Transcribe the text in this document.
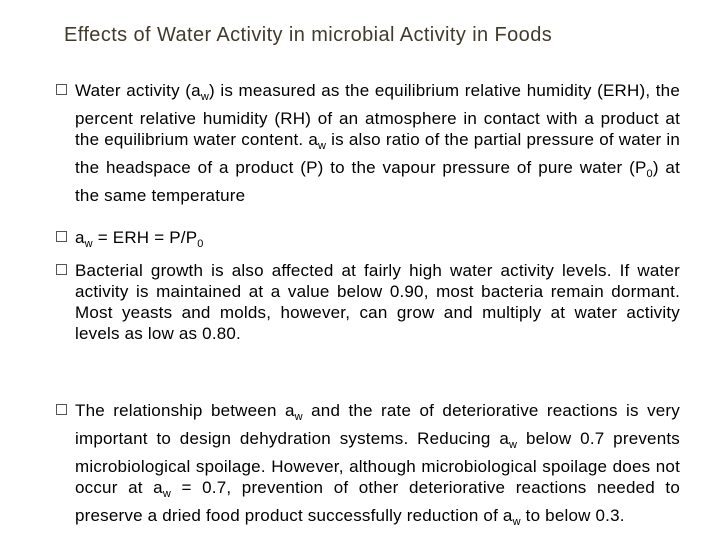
Effects of Water Activity in microbial Activity in Foods
Water activity $(a_w)$ is measured as the equilibrium relative humidity (ERH), the percent relative humidity (RH) of an atmosphere in contact with a product at the equilibrium water content. $a_w$ is also ratio of the partial pressure of water in the headspace of a product (P) to the vapour pressure of pure water $(P_0)$ at the same temperature
$a_w$ = ERH = $P/P_0$
Bacterial growth is also affected at fairly high water activity levels. If water activity is maintained at a value below 0.90, most bacteria remain dormant. Most yeasts and molds, however, can grow and multiply at water activity levels as low as 0.80.
The relationship between $a_w$ and the rate of deteriorative reactions is very important to design dehydration systems. Reducing $a_w$ below 0.7 prevents microbiological spoilage. However, although microbiological spoilage does not occur at $a_w = 0.7$, prevention of other deteriorative reactions needed to preserve a dried food product successfully reduction of $a_w$ to below 0.3.
